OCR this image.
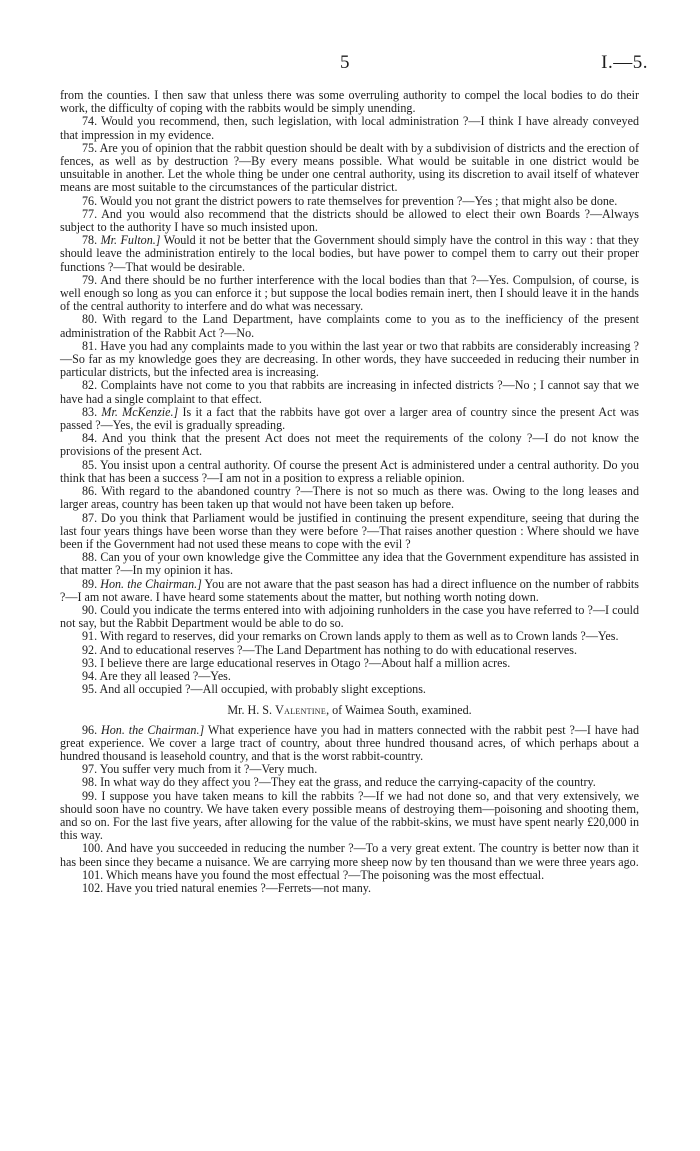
5	I.—5.

from the counties. I then saw that unless there was some overruling authority to compel the local bodies to do their work, the difficulty of coping with the rabbits would be simply unending.

74. Would you recommend, then, such legislation, with local administration ?—I think I have already conveyed that impression in my evidence.

75. Are you of opinion that the rabbit question should be dealt with by a subdivision of districts and the erection of fences, as well as by destruction ?—By every means possible. What would be suitable in one district would be unsuitable in another. Let the whole thing be under one central authority, using its discretion to avail itself of whatever means are most suitable to the circumstances of the particular district.

76. Would you not grant the district powers to rate themselves for prevention ?—Yes ; that might also be done.

77. And you would also recommend that the districts should be allowed to elect their own Boards ?—Always subject to the authority I have so much insisted upon.

78. Mr. Fulton.] Would it not be better that the Government should simply have the control in this way : that they should leave the administration entirely to the local bodies, but have power to compel them to carry out their proper functions ?—That would be desirable.

79. And there should be no further interference with the local bodies than that ?—Yes. Compulsion, of course, is well enough so long as you can enforce it ; but suppose the local bodies remain inert, then I should leave it in the hands of the central authority to interfere and do what was necessary.

80. With regard to the Land Department, have complaints come to you as to the inefficiency of the present administration of the Rabbit Act ?—No.

81. Have you had any complaints made to you within the last year or two that rabbits are considerably increasing ?—So far as my knowledge goes they are decreasing. In other words, they have succeeded in reducing their number in particular districts, but the infected area is increasing.

82. Complaints have not come to you that rabbits are increasing in infected districts ?—No ; I cannot say that we have had a single complaint to that effect.

83. Mr. McKenzie.] Is it a fact that the rabbits have got over a larger area of country since the present Act was passed ?—Yes, the evil is gradually spreading.

84. And you think that the present Act does not meet the requirements of the colony ?—I do not know the provisions of the present Act.

85. You insist upon a central authority. Of course the present Act is administered under a central authority. Do you think that has been a success ?—I am not in a position to express a reliable opinion.

86. With regard to the abandoned country ?—There is not so much as there was. Owing to the long leases and larger areas, country has been taken up that would not have been taken up before.

87. Do you think that Parliament would be justified in continuing the present expenditure, seeing that during the last four years things have been worse than they were before ?—That raises another question : Where should we have been if the Government had not used these means to cope with the evil ?

88. Can you of your own knowledge give the Committee any idea that the Government expenditure has assisted in that matter ?—In my opinion it has.

89. Hon. the Chairman.] You are not aware that the past season has had a direct influence on the number of rabbits ?—I am not aware. I have heard some statements about the matter, but nothing worth noting down.

90. Could you indicate the terms entered into with adjoining runholders in the case you have referred to ?—I could not say, but the Rabbit Department would be able to do so.

91. With regard to reserves, did your remarks on Crown lands apply to them as well as to Crown lands ?—Yes.

92. And to educational reserves ?—The Land Department has nothing to do with educational reserves.

93. I believe there are large educational reserves in Otago ?—About half a million acres.

94. Are they all leased ?—Yes.

95. And all occupied ?—All occupied, with probably slight exceptions.

Mr. H. S. Valentine, of Waimea South, examined.

96. Hon. the Chairman.] What experience have you had in matters connected with the rabbit pest ?—I have had great experience. We cover a large tract of country, about three hundred thousand acres, of which perhaps about a hundred thousand is leasehold country, and that is the worst rabbit-country.

97. You suffer very much from it ?—Very much.

98. In what way do they affect you ?—They eat the grass, and reduce the carrying-capacity of the country.

99. I suppose you have taken means to kill the rabbits ?—If we had not done so, and that very extensively, we should soon have no country. We have taken every possible means of destroying them—poisoning and shooting them, and so on. For the last five years, after allowing for the value of the rabbit-skins, we must have spent nearly £20,000 in this way.

100. And have you succeeded in reducing the number ?—To a very great extent. The country is better now than it has been since they became a nuisance. We are carrying more sheep now by ten thousand than we were three years ago.

101. Which means have you found the most effectual ?—The poisoning was the most effectual.

102. Have you tried natural enemies ?—Ferrets—not many.
